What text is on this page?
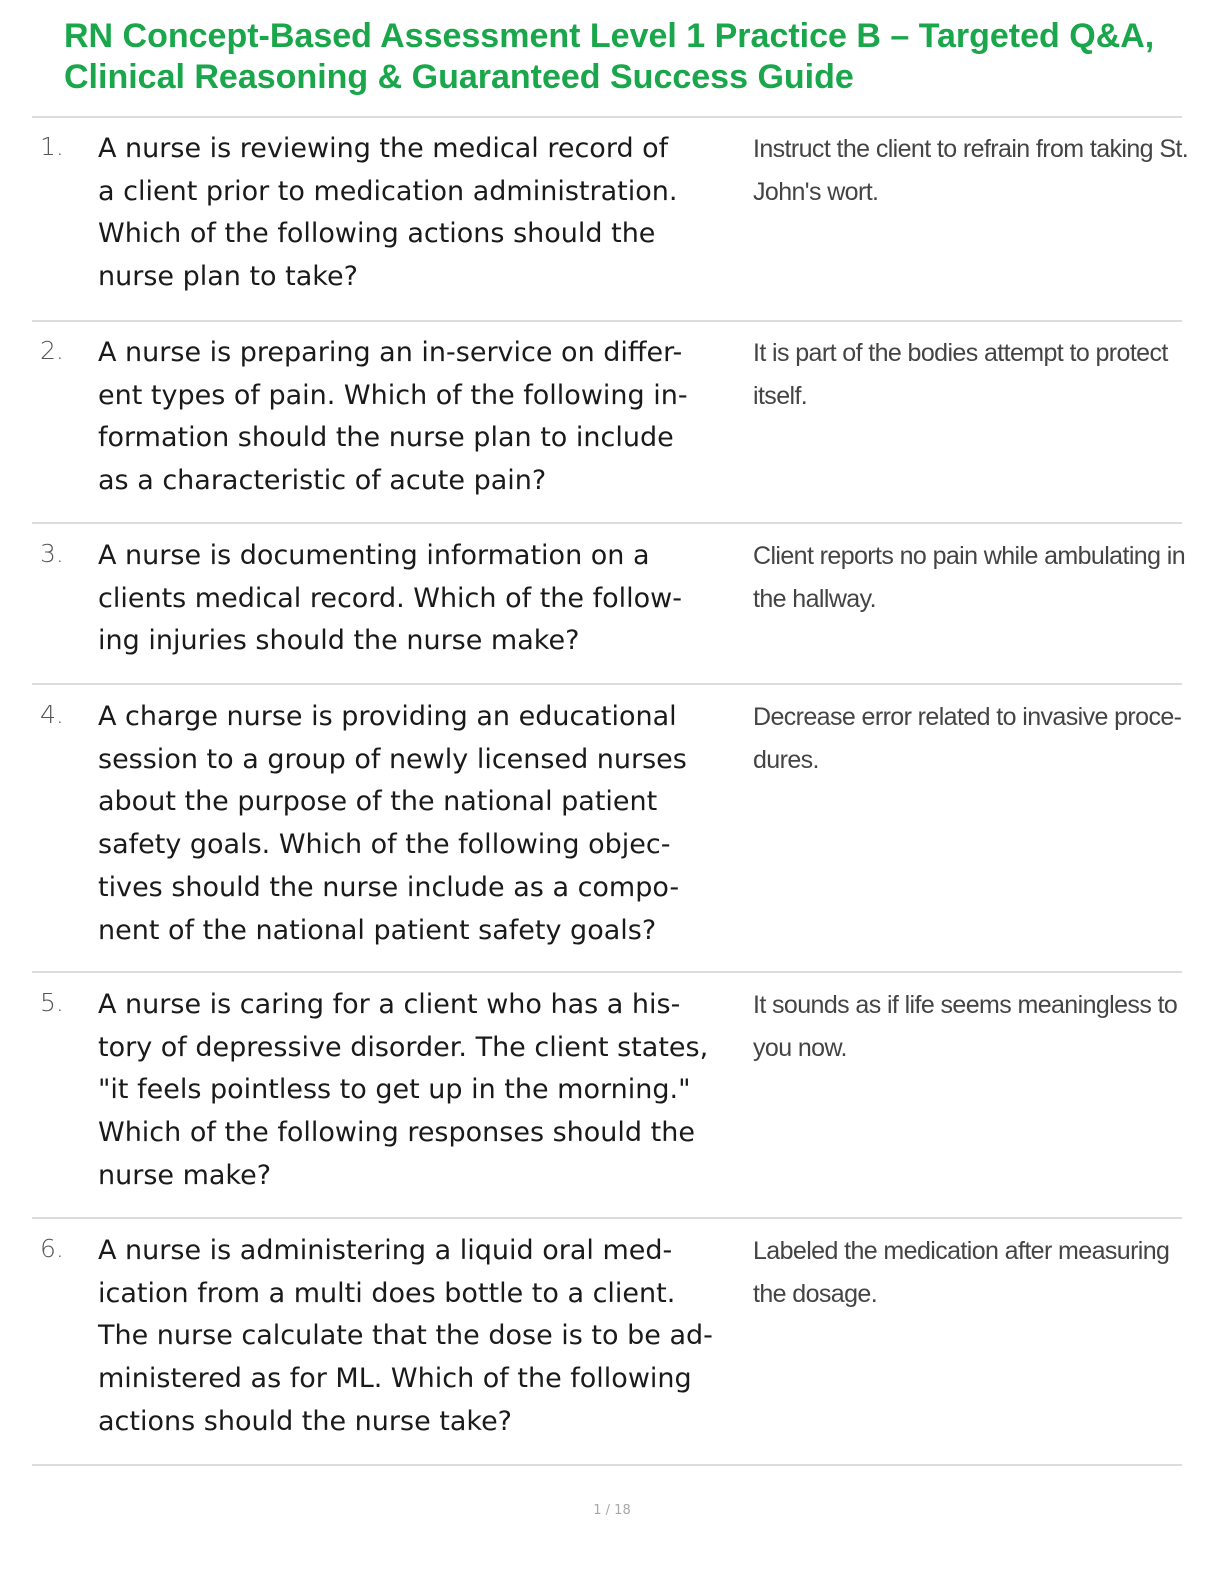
RN Concept-Based Assessment Level 1 Practice B – Targeted Q&A,
Clinical Reasoning & Guaranteed Success Guide
1. A nurse is reviewing the medical record of
a client prior to medication administration.
Which of the following actions should the
nurse plan to take?
Instruct the client to refrain from taking St.
John's wort.
2. A nurse is preparing an in-service on differ-
ent types of pain. Which of the following in-
formation should the nurse plan to include
as a characteristic of acute pain?
It is part of the bodies attempt to protect
itself.
3. A nurse is documenting information on a
clients medical record. Which of the follow-
ing injuries should the nurse make?
Client reports no pain while ambulating in
the hallway.
4. A charge nurse is providing an educational
session to a group of newly licensed nurses
about the purpose of the national patient
safety goals. Which of the following objec-
tives should the nurse include as a compo-
nent of the national patient safety goals?
Decrease error related to invasive proce-
dures.
5. A nurse is caring for a client who has a his-
tory of depressive disorder. The client states,
"it feels pointless to get up in the morning."
Which of the following responses should the
nurse make?
It sounds as if life seems meaningless to
you now.
6. A nurse is administering a liquid oral med-
ication from a multi does bottle to a client.
The nurse calculate that the dose is to be ad-
ministered as for ML. Which of the following
actions should the nurse take?
Labeled the medication after measuring
the dosage.
1 / 18
